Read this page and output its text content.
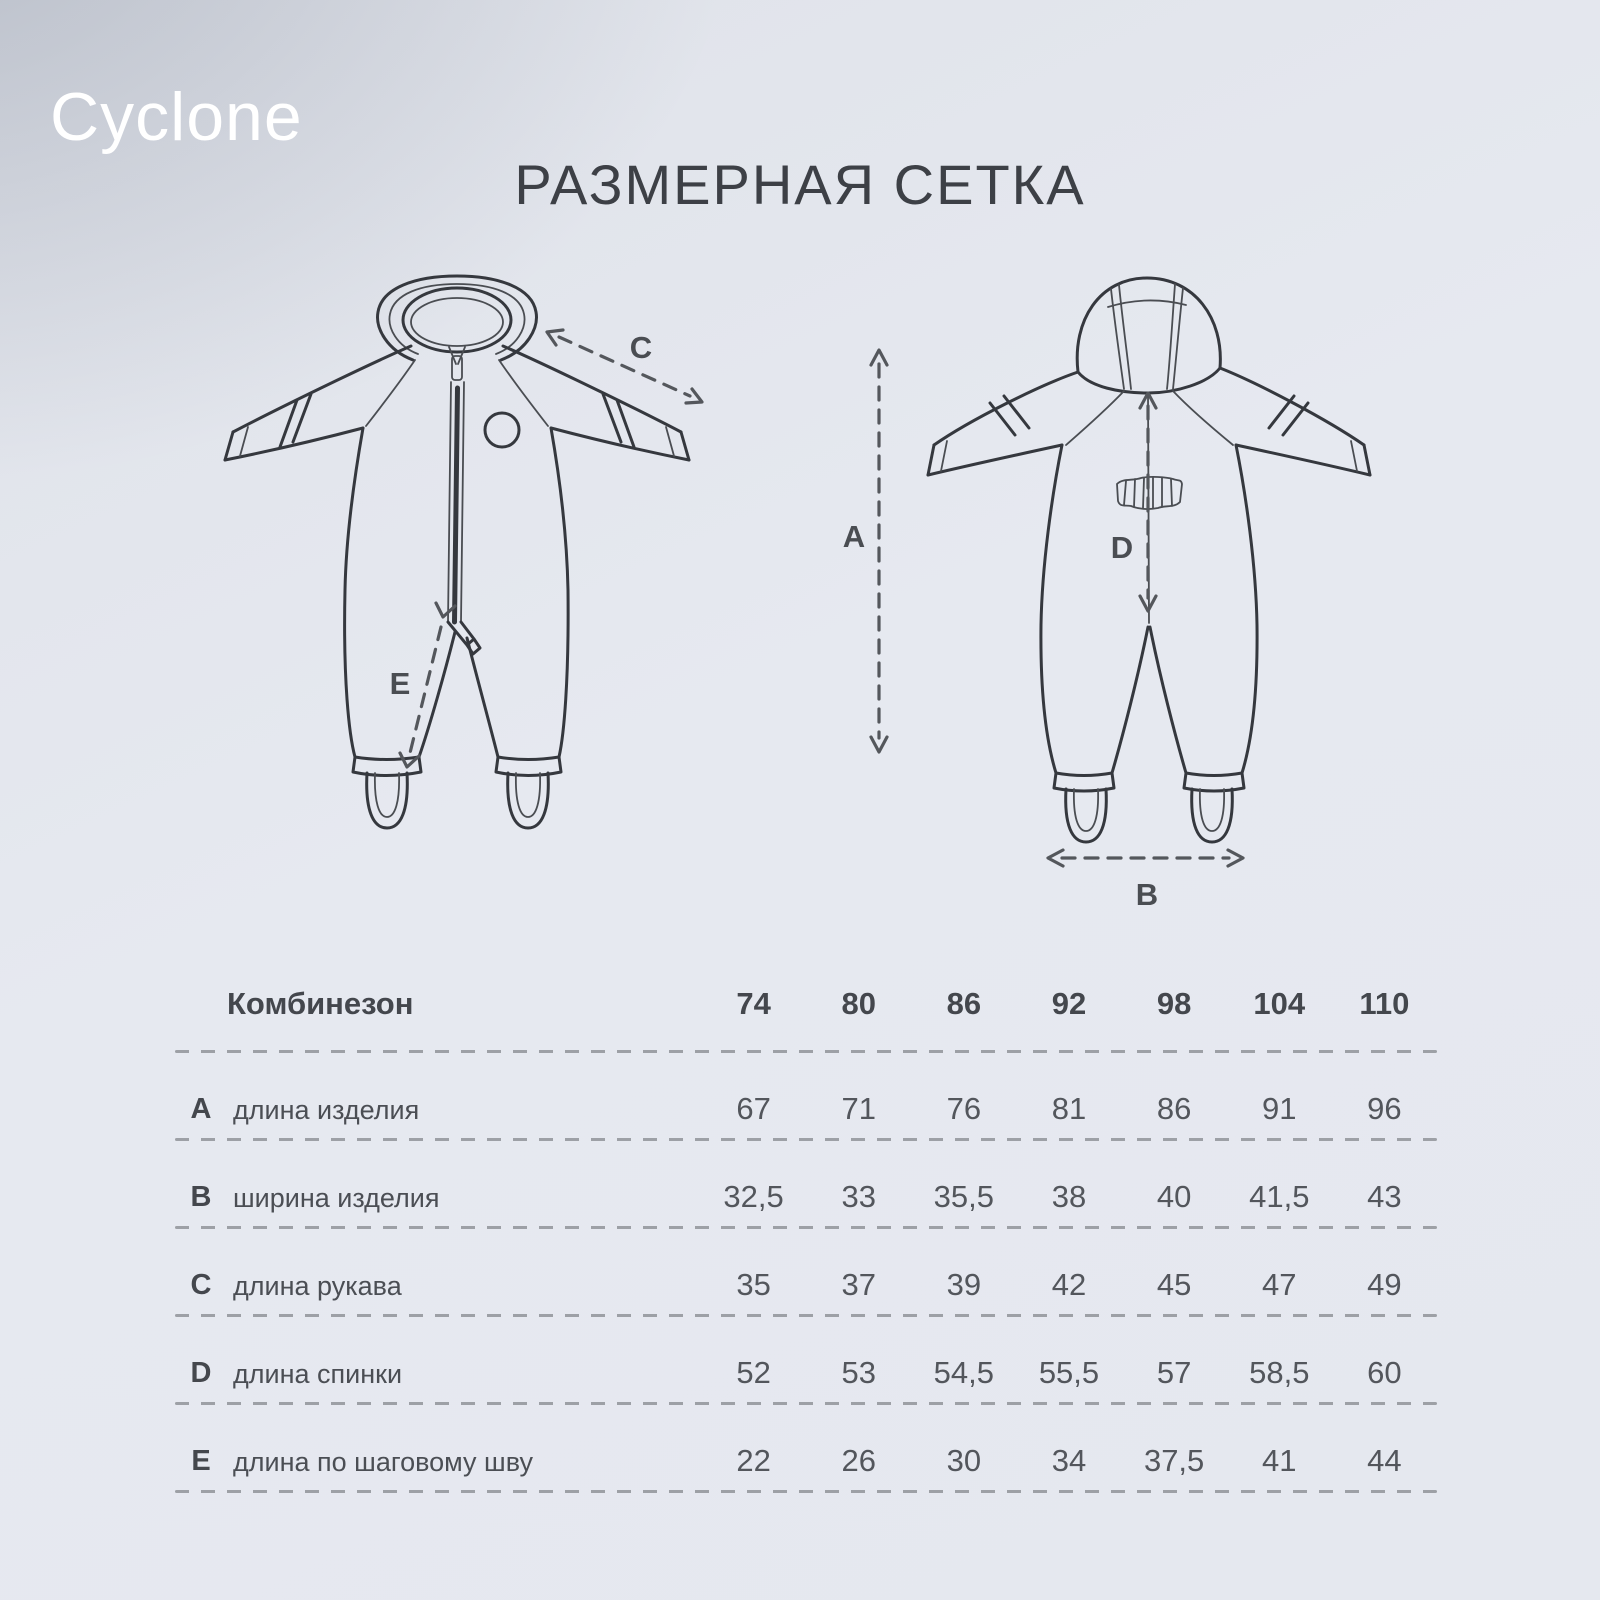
Cyclone
РАЗМЕРНАЯ СЕТКА
C
E
A	D
B
Комбинезон	74	80	86	92	98	104	110
A длина изделия	67	71	76	81	86	91	96
B ширина изделия	32,5	33	35,5	38	40	41,5	43
C длина рукава	35	37	39	42	45	47	49
D длина спинки	52	53	54,5	55,5	57	58,5	60
E длина по шаговому шву	22	26	30	34	37,5	41	44
